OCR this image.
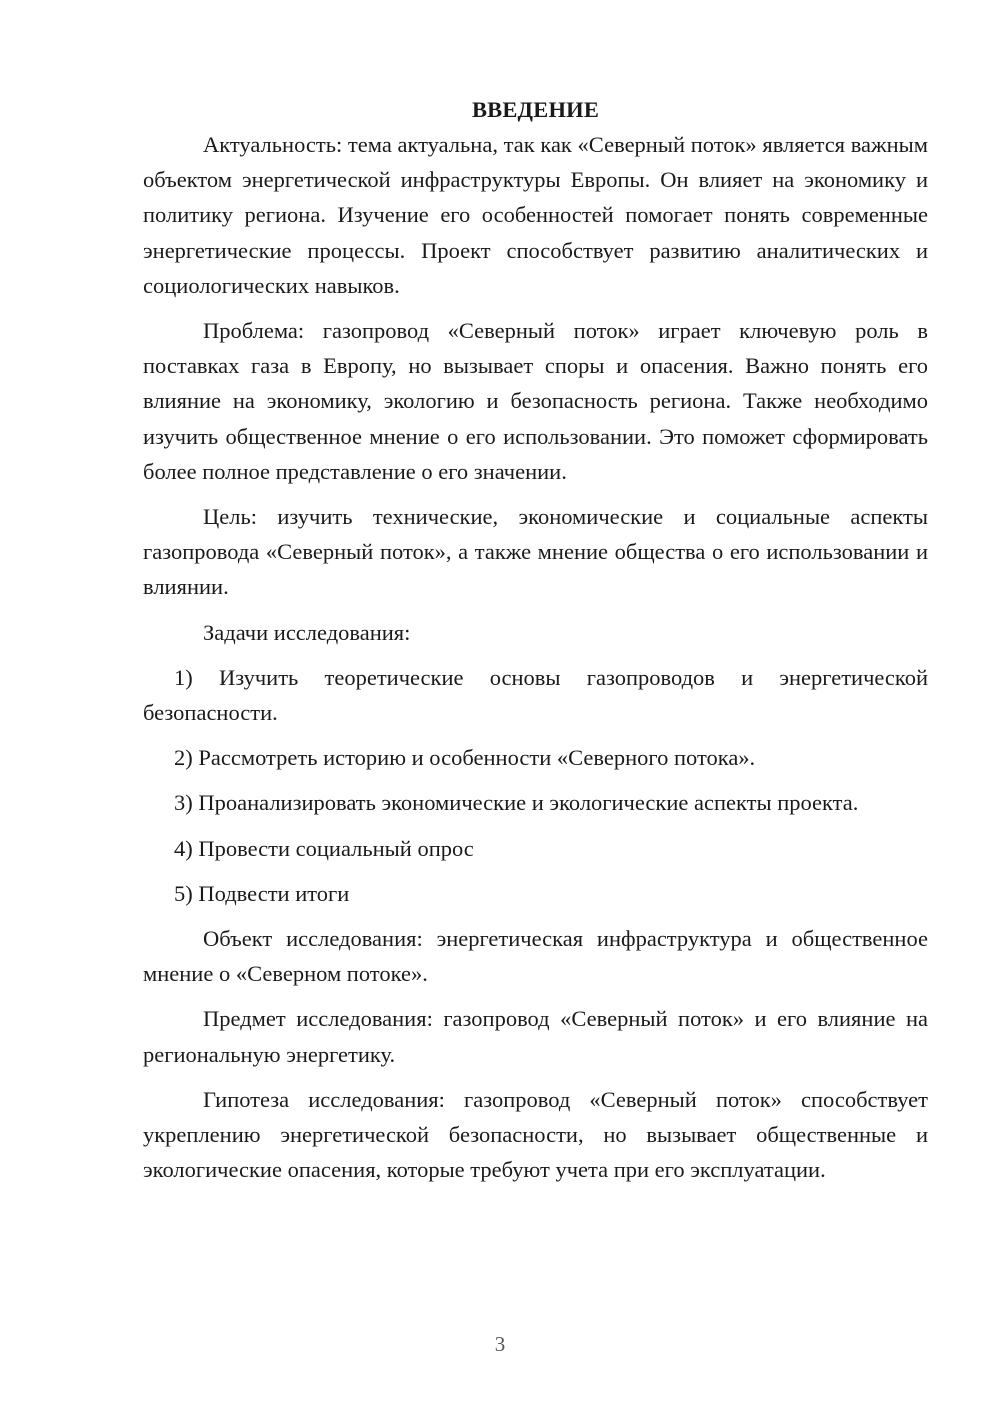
ВВЕДЕНИЕ

Актуальность: тема актуальна, так как «Северный поток» является важным объектом энергетической инфраструктуры Европы. Он влияет на экономику и политику региона. Изучение его особенностей помогает понять современные энергетические процессы. Проект способствует развитию аналитических и социологических навыков.

Проблема: газопровод «Северный поток» играет ключевую роль в поставках газа в Европу, но вызывает споры и опасения. Важно понять его влияние на экономику, экологию и безопасность региона. Также необходимо изучить общественное мнение о его использовании. Это поможет сформировать более полное представление о его значении.

Цель: изучить технические, экономические и социальные аспекты газопровода «Северный поток», а также мнение общества о его использовании и влиянии.

Задачи исследования:

1) Изучить теоретические основы газопроводов и энергетической безопасности.

2) Рассмотреть историю и особенности «Северного потока».

3) Проанализировать экономические и экологические аспекты проекта.

4) Провести социальный опрос

5) Подвести итоги

Объект исследования: энергетическая инфраструктура и общественное мнение о «Северном потоке».

Предмет исследования: газопровод «Северный поток» и его влияние на региональную энергетику.

Гипотеза исследования: газопровод «Северный поток» способствует укреплению энергетической безопасности, но вызывает общественные и экологические опасения, которые требуют учета при его эксплуатации.

3
